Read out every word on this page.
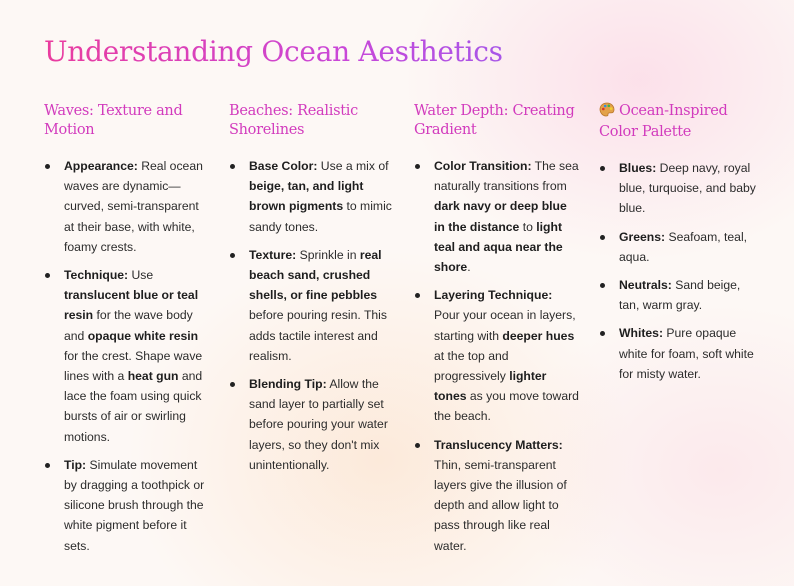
Understanding Ocean Aesthetics
Waves: Texture and Motion
Appearance: Real ocean waves are dynamic—curved, semi-transparent at their base, with white, foamy crests.
Technique: Use translucent blue or teal resin for the wave body and opaque white resin for the crest. Shape wave lines with a heat gun and lace the foam using quick bursts of air or swirling motions.
Tip: Simulate movement by dragging a toothpick or silicone brush through the white pigment before it sets.
Beaches: Realistic Shorelines
Base Color: Use a mix of beige, tan, and light brown pigments to mimic sandy tones.
Texture: Sprinkle in real beach sand, crushed shells, or fine pebbles before pouring resin. This adds tactile interest and realism.
Blending Tip: Allow the sand layer to partially set before pouring your water layers, so they don't mix unintentionally.
Water Depth: Creating Gradient
Color Transition: The sea naturally transitions from dark navy or deep blue in the distance to light teal and aqua near the shore.
Layering Technique: Pour your ocean in layers, starting with deeper hues at the top and progressively lighter tones as you move toward the beach.
Translucency Matters: Thin, semi-transparent layers give the illusion of depth and allow light to pass through like real water.
Ocean-Inspired Color Palette
Blues: Deep navy, royal blue, turquoise, and baby blue.
Greens: Seafoam, teal, aqua.
Neutrals: Sand beige, tan, warm gray.
Whites: Pure opaque white for foam, soft white for misty water.
